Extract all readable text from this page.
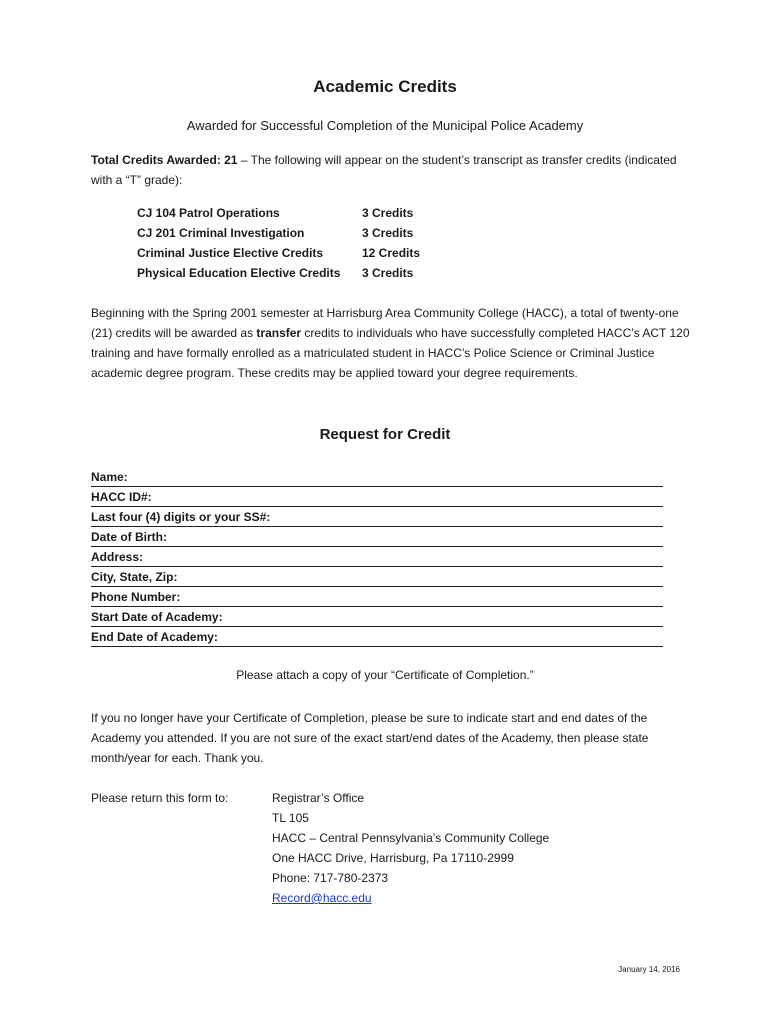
Academic Credits
Awarded for Successful Completion of the Municipal Police Academy
Total Credits Awarded: 21 – The following will appear on the student’s transcript as transfer credits (indicated with a “T” grade):
CJ 104 Patrol Operations	3 Credits
CJ 201 Criminal Investigation	3 Credits
Criminal Justice Elective Credits	12 Credits
Physical Education Elective Credits	3 Credits
Beginning with the Spring 2001 semester at Harrisburg Area Community College (HACC), a total of twenty-one (21) credits will be awarded as transfer credits to individuals who have successfully completed HACC’s ACT 120 training and have formally enrolled as a matriculated student in HACC’s Police Science or Criminal Justice academic degree program. These credits may be applied toward your degree requirements.
Request for Credit
Name:
HACC ID#:
Last four (4) digits or your SS#:
Date of Birth:
Address:
City, State, Zip:
Phone Number:
Start Date of Academy:
End Date of Academy:
Please attach a copy of your “Certificate of Completion.”
If you no longer have your Certificate of Completion, please be sure to indicate start and end dates of the Academy you attended. If you are not sure of the exact start/end dates of the Academy, then please state month/year for each. Thank you.
Please return this form to:	Registrar’s Office
TL 105
HACC – Central Pennsylvania’s Community College
One HACC Drive, Harrisburg, Pa 17110-2999
Phone: 717-780-2373
Record@hacc.edu
January 14, 2016
